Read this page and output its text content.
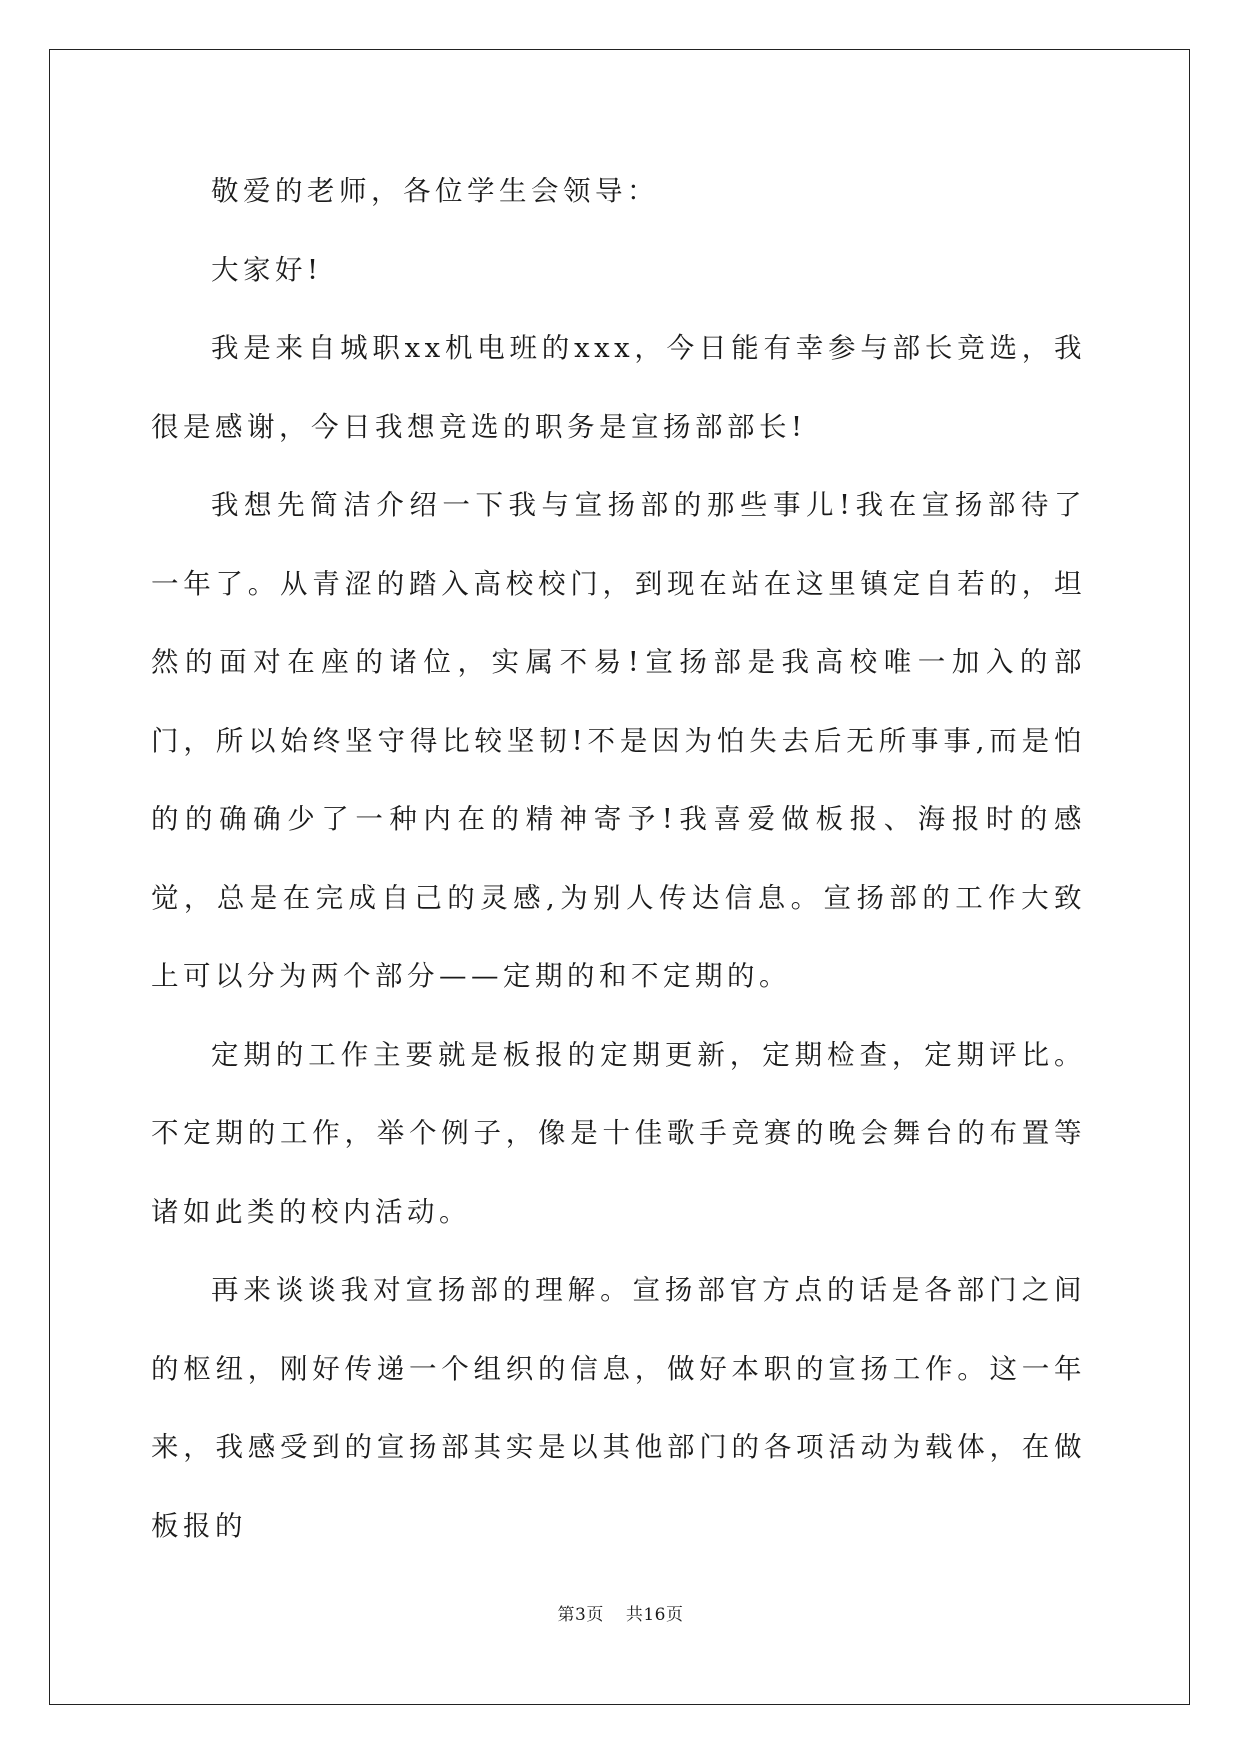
敬爱的老师，各位学生会领导：

大家好!

我是来自城职xx机电班的xxx，今日能有幸参与部长竞选，我很是感谢，今日我想竞选的职务是宣扬部部长!

我想先简洁介绍一下我与宣扬部的那些事儿!我在宣扬部待了一年了。从青涩的踏入高校校门，到现在站在这里镇定自若的，坦然的面对在座的诸位，实属不易!宣扬部是我高校唯一加入的部门，所以始终坚守得比较坚韧!不是因为怕失去后无所事事,而是怕的的确确少了一种内在的精神寄予!我喜爱做板报、海报时的感觉，总是在完成自己的灵感,为别人传达信息。宣扬部的工作大致上可以分为两个部分——定期的和不定期的。

定期的工作主要就是板报的定期更新，定期检查，定期评比。不定期的工作，举个例子，像是十佳歌手竞赛的晚会舞台的布置等诸如此类的校内活动。

再来谈谈我对宣扬部的理解。宣扬部官方点的话是各部门之间的枢纽，刚好传递一个组织的信息，做好本职的宣扬工作。这一年来，我感受到的宣扬部其实是以其他部门的各项活动为载体，在做板报的

第3页 共16页
